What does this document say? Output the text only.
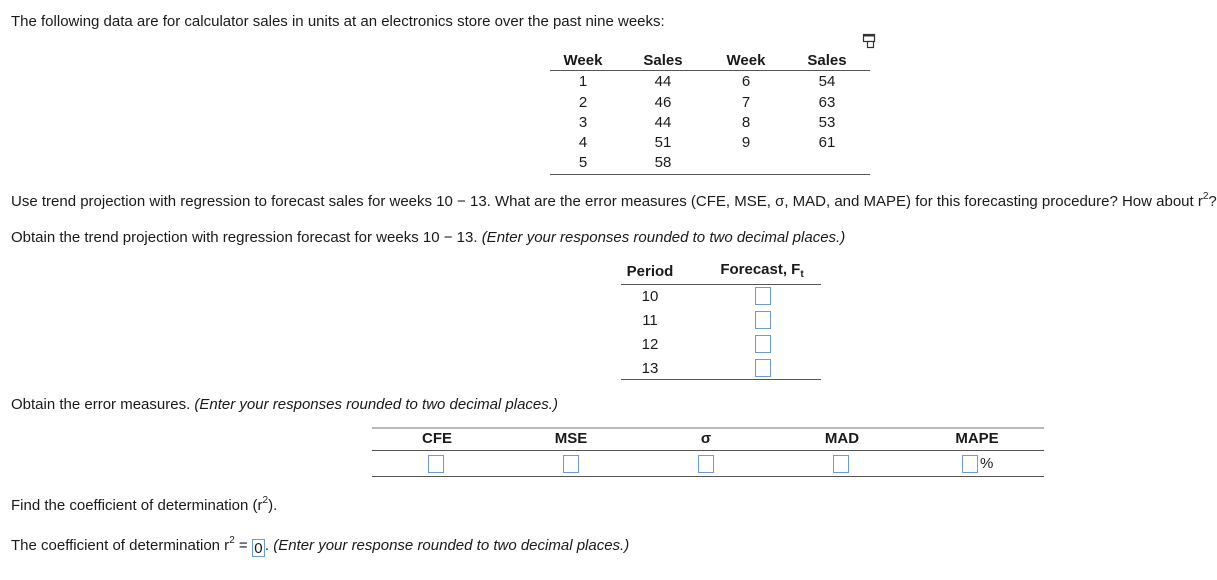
The following data are for calculator sales in units at an electronics store over the past nine weeks:
Week	Sales	Week	Sales
1	44	6	54
2	46	7	63
3	44	8	53
4	51	9	61
5	58
Use trend projection with regression to forecast sales for weeks 10 − 13. What are the error measures (CFE, MSE, σ, MAD, and MAPE) for this forecasting procedure? How about $r^2$?
Obtain the trend projection with regression forecast for weeks 10 − 13. (Enter your responses rounded to two decimal places.)
Period	Forecast, $F_t$
10
11
12
13
Obtain the error measures. (Enter your responses rounded to two decimal places.)
CFE	MSE	σ	MAD	MAPE
%
Find the coefficient of determination $(r^2)$.
The coefficient of determination $r^2 = 0$ . (Enter your response rounded to two decimal places.)
